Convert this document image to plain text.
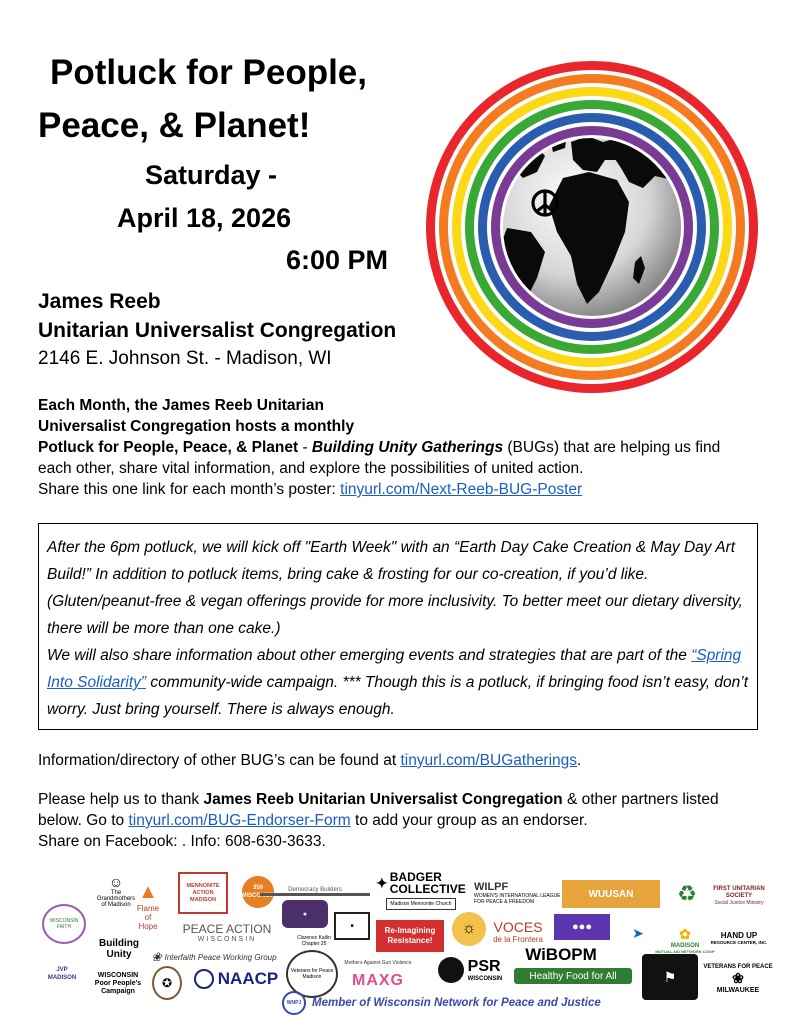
Potluck for People,
Peace, & Planet!
Saturday -
April 18, 2026
6:00 PM
James Reeb
Unitarian Universalist Congregation
2146 E. Johnson St. - Madison, WI
Each Month, the James Reeb Unitarian
Universalist Congregation hosts a monthly
Potluck for People, Peace, & Planet - Building Unity Gatherings (BUGs) that are helping us find each other, share vital information, and explore the possibilities of united action.
Share this one link for each month’s poster: tinyurl.com/Next-Reeb-BUG-Poster
After the 6pm potluck, we will kick off "Earth Week" with an “Earth Day Cake Creation & May Day Art Build!” In addition to potluck items, bring cake & frosting for our co-creation, if you’d like. (Gluten/peanut-free & vegan offerings provide for more inclusivity. To better meet our dietary diversity, there will be more than one cake.)
We will also share information about other emerging events and strategies that are part of the “Spring Into Solidarity” community-wide campaign. *** Though this is a potluck, if bringing food isn’t easy, don’t worry. Just bring yourself. There is always enough.
Information/directory of other BUG’s can be found at tinyurl.com/BUGatherings.
Please help us to thank James Reeb Unitarian Universalist Congregation & other partners listed below. Go to tinyurl.com/BUG-Endorser-Form to add your group as an endorser.
Share on Facebook: . Info: 608-630-3633.
☺
The Grandmothers of Madison
▲
Flame of Hope
MENNONITE ACTION MADISON
350 WISCONSIN
Democracy Builders	✦ BADGER COLLECTIVE
Madison Mennonite Church
WILPF
WOMEN'S INTERNATIONAL LEAGUE FOR PEACE & FREEDOM
WUUSAN	♻	FIRST UNITARIAN SOCIETY
Social Justice Ministry
WISCONSIN FAITH
★
PEACE ACTION
WISCONSIN	Clarence Kailin Chapter 25
■	Re-Imagining Resistance!
☼	VOCES
de la Frontera
●●●	➤	✿
MADISON
MUTUAL AID NETWORK COOP
HAND UP
RESOURCE CENTER, INC.
Building Unity	❀ Interfaith Peace Working Group
JVP MADISON	WISCONSIN Poor People's Campaign
✪	NAACP	Veterans for Peace Madison
Mothers Against Gun Violence
MAXG
PSR
WISCONSIN
WiBOPM
Healthy Food for All	⚑
VETERANS FOR PEACE
❀
MILWAUKEE
WNPJ Member of Wisconsin Network for Peace and Justice
